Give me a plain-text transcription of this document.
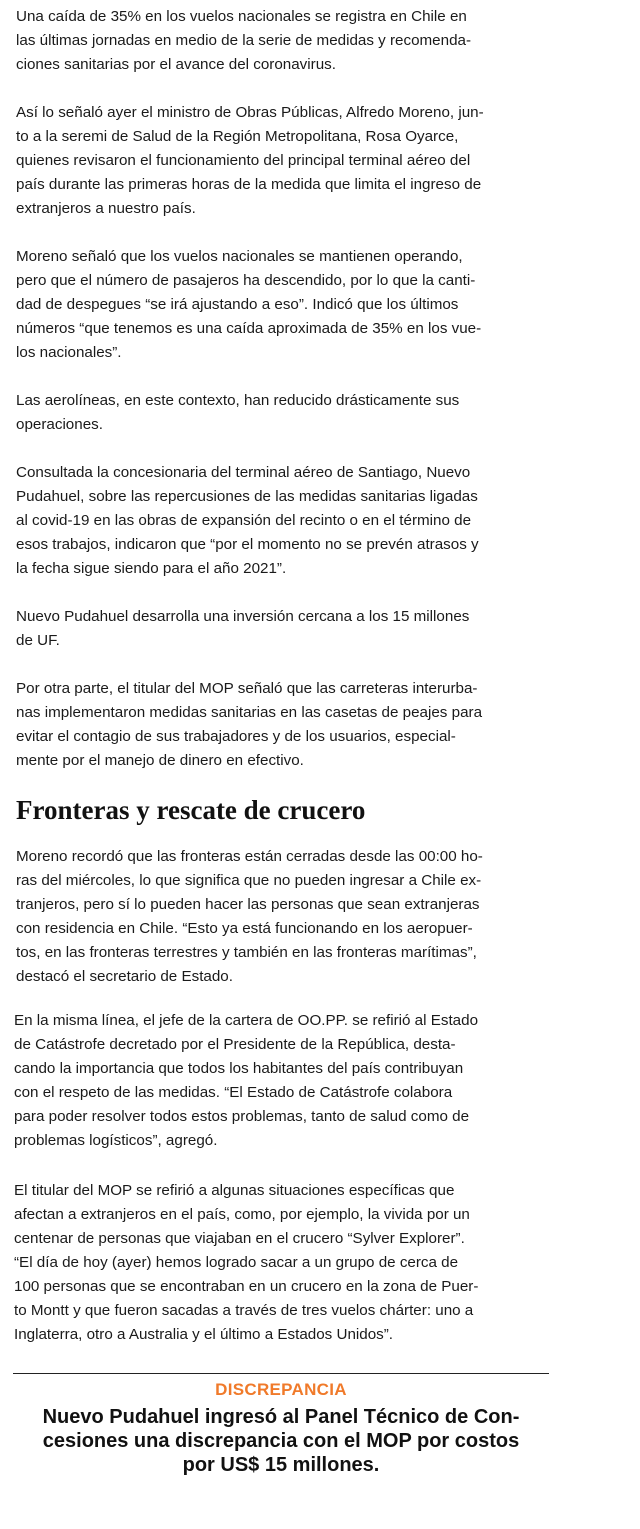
Una caída de 35% en los vuelos nacionales se registra en Chile en
las últimas jornadas en medio de la serie de medidas y recomenda-
ciones sanitarias por el avance del coronavirus.

Así lo señaló ayer el ministro de Obras Públicas, Alfredo Moreno, jun-
to a la seremi de Salud de la Región Metropolitana, Rosa Oyarce,
quienes revisaron el funcionamiento del principal terminal aéreo del
país durante las primeras horas de la medida que limita el ingreso de
extranjeros a nuestro país.

Moreno señaló que los vuelos nacionales se mantienen operando,
pero que el número de pasajeros ha descendido, por lo que la canti-
dad de despegues “se irá ajustando a eso”. Indicó que los últimos
números “que tenemos es una caída aproximada de 35% en los vue-
los nacionales”.

Las aerolíneas, en este contexto, han reducido drásticamente sus
operaciones.

Consultada la concesionaria del terminal aéreo de Santiago, Nuevo
Pudahuel, sobre las repercusiones de las medidas sanitarias ligadas
al covid-19 en las obras de expansión del recinto o en el término de
esos trabajos, indicaron que “por el momento no se prevén atrasos y
la fecha sigue siendo para el año 2021”.

Nuevo Pudahuel desarrolla una inversión cercana a los 15 millones
de UF.

Por otra parte, el titular del MOP señaló que las carreteras interurba-
nas implementaron medidas sanitarias en las casetas de peajes para
evitar el contagio de sus trabajadores y de los usuarios, especial-
mente por el manejo de dinero en efectivo.

Fronteras y rescate de crucero

Moreno recordó que las fronteras están cerradas desde las 00:00 ho-
ras del miércoles, lo que significa que no pueden ingresar a Chile ex-
tranjeros, pero sí lo pueden hacer las personas que sean extranjeras
con residencia en Chile. “Esto ya está funcionando en los aeropuer-
tos, en las fronteras terrestres y también en las fronteras marítimas”,
destacó el secretario de Estado.

En la misma línea, el jefe de la cartera de OO.PP. se refirió al Estado
de Catástrofe decretado por el Presidente de la República, desta-
cando la importancia que todos los habitantes del país contribuyan
con el respeto de las medidas. “El Estado de Catástrofe colabora
para poder resolver todos estos problemas, tanto de salud como de
problemas logísticos”, agregó.

El titular del MOP se refirió a algunas situaciones específicas que
afectan a extranjeros en el país, como, por ejemplo, la vivida por un
centenar de personas que viajaban en el crucero “Sylver Explorer”.
“El día de hoy (ayer) hemos logrado sacar a un grupo de cerca de
100 personas que se encontraban en un crucero en la zona de Puer-
to Montt y que fueron sacadas a través de tres vuelos chárter: uno a
Inglaterra, otro a Australia y el último a Estados Unidos”.

DISCREPANCIA

Nuevo Pudahuel ingresó al Panel Técnico de Con-
cesiones una discrepancia con el MOP por costos
por US$ 15 millones.
